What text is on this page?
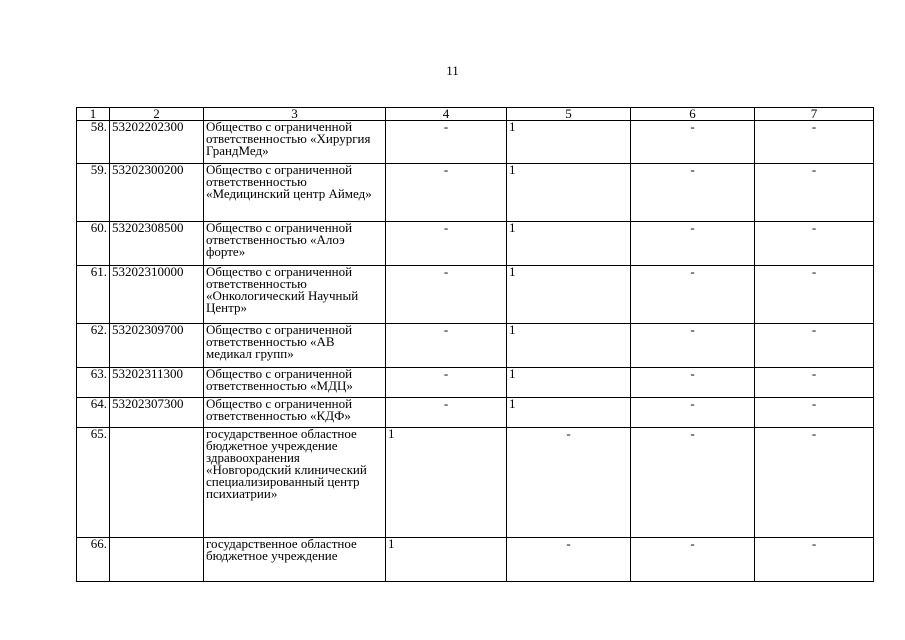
11
1	2	3	4	5	6	7
58.	53202202300	Общество с ограниченной ответственностью «Хирургия ГрандМед»	-	1	-	-
59.	53202300200	Общество с ограниченной ответственностью «Медицинский центр Аймед»	-	1	-	-
60.	53202308500	Общество с ограниченной ответственностью «Алоэ форте»	-	1	-	-
61.	53202310000	Общество с ограниченной ответственностью «Онкологический Научный Центр»	-	1	-	-
62.	53202309700	Общество с ограниченной ответственностью «АВ медикал групп»	-	1	-	-
63.	53202311300	Общество с ограниченной ответственностью «МДЦ»	-	1	-	-
64.	53202307300	Общество с ограниченной ответственностью «КДФ»	-	1	-	-
65.		государственное областное бюджетное учреждение здравоохранения «Новгородский клинический специализированный центр психиатрии»	1	-	-	-
66.		государственное областное бюджетное учреждение	1	-	-	-
